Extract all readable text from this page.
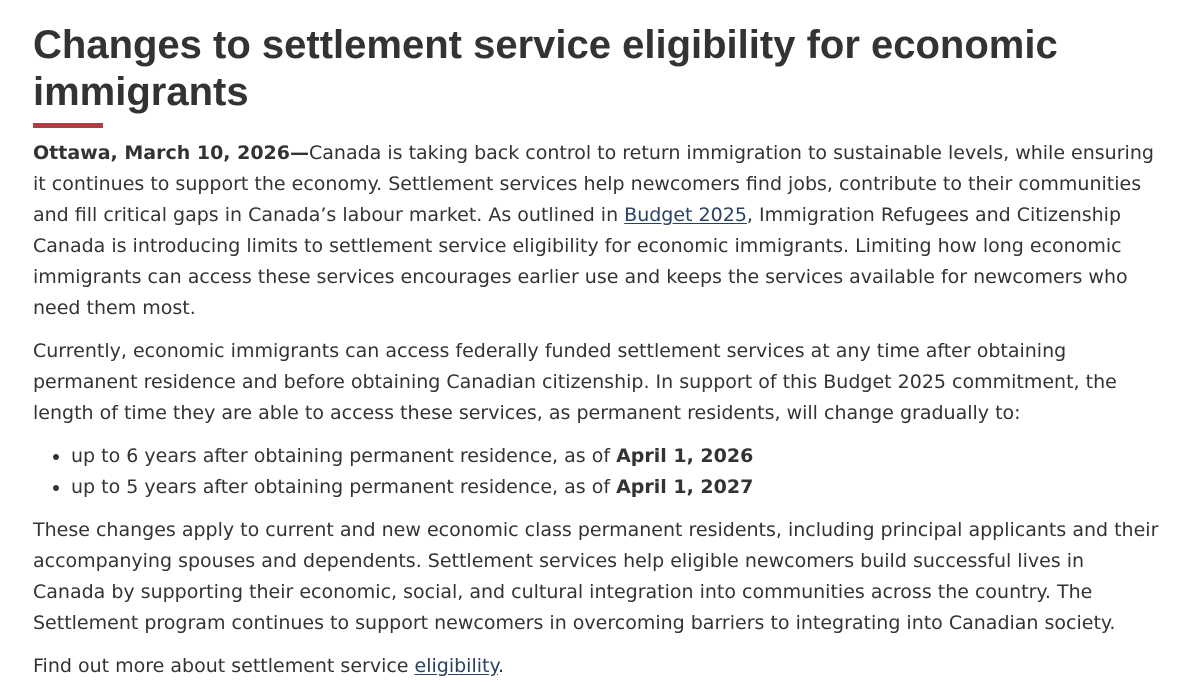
Changes to settlement service eligibility for economic immigrants

Ottawa, March 10, 2026—Canada is taking back control to return immigration to sustainable levels, while ensuring it continues to support the economy. Settlement services help newcomers find jobs, contribute to their communities and fill critical gaps in Canada’s labour market. As outlined in Budget 2025, Immigration Refugees and Citizenship Canada is introducing limits to settlement service eligibility for economic immigrants. Limiting how long economic immigrants can access these services encourages earlier use and keeps the services available for newcomers who need them most.

Currently, economic immigrants can access federally funded settlement services at any time after obtaining permanent residence and before obtaining Canadian citizenship. In support of this Budget 2025 commitment, the length of time they are able to access these services, as permanent residents, will change gradually to:

• up to 6 years after obtaining permanent residence, as of April 1, 2026
• up to 5 years after obtaining permanent residence, as of April 1, 2027

These changes apply to current and new economic class permanent residents, including principal applicants and their accompanying spouses and dependents. Settlement services help eligible newcomers build successful lives in Canada by supporting their economic, social, and cultural integration into communities across the country. The Settlement program continues to support newcomers in overcoming barriers to integrating into Canadian society.

Find out more about settlement service eligibility.
